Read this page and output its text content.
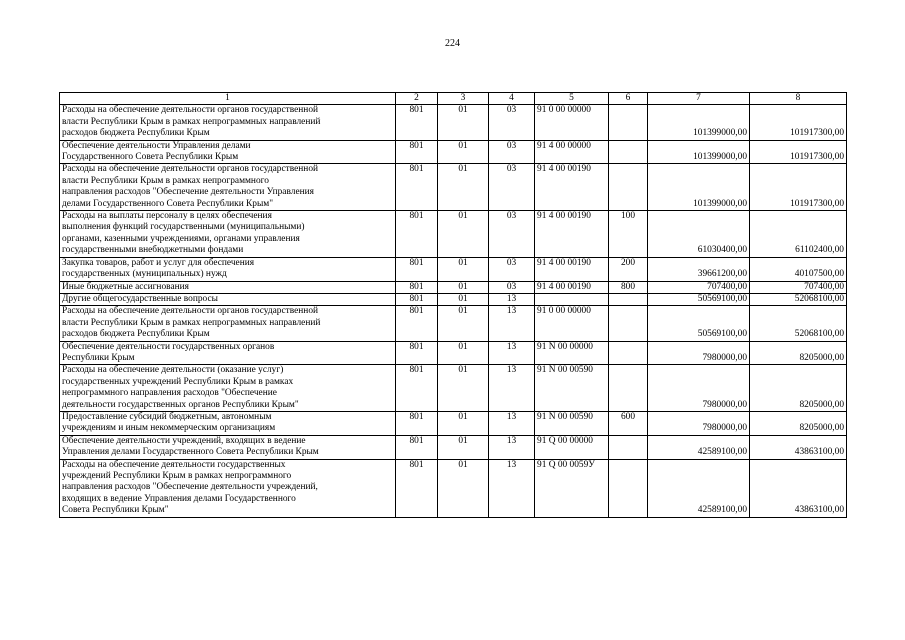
224
1	2	3	4	5	6	7	8

Расходы на обеспечение деятельности органов государственной
власти Республики Крым в рамках непрограммных направлений
расходов бюджета Республики Крым	801	01	03	91 0 00 00000		101399000,00	101917300,00

Обеспечение деятельности Управления делами
Государственного Совета Республики Крым	801	01	03	91 4 00 00000		101399000,00	101917300,00

Расходы на обеспечение деятельности органов государственной
власти Республики Крым в рамках непрограммного
направления расходов "Обеспечение деятельности Управления
делами Государственного Совета Республики Крым"	801	01	03	91 4 00 00190		101399000,00	101917300,00

Расходы на выплаты персоналу в целях обеспечения
выполнения функций государственными (муниципальными)
органами, казенными учреждениями, органами управления
государственными внебюджетными фондами	801	01	03	91 4 00 00190	100	61030400,00	61102400,00

Закупка товаров, работ и услуг для обеспечения
государственных (муниципальных) нужд	801	01	03	91 4 00 00190	200	39661200,00	40107500,00

Иные бюджетные ассигнования	801	01	03	91 4 00 00190	800	707400,00	707400,00

Другие общегосударственные вопросы	801	01	13			50569100,00	52068100,00

Расходы на обеспечение деятельности органов государственной
власти Республики Крым в рамках непрограммных направлений
расходов бюджета Республики Крым	801	01	13	91 0 00 00000		50569100,00	52068100,00

Обеспечение деятельности государственных органов
Республики Крым	801	01	13	91 N 00 00000		7980000,00	8205000,00

Расходы на обеспечение деятельности (оказание услуг)
государственных учреждений Республики Крым в рамках
непрограммного направления расходов "Обеспечение
деятельности государственных органов Республики Крым"	801	01	13	91 N 00 00590		7980000,00	8205000,00

Предоставление субсидий бюджетным, автономным
учреждениям и иным некоммерческим организациям	801	01	13	91 N 00 00590	600	7980000,00	8205000,00

Обеспечение деятельности учреждений, входящих в ведение
Управления делами Государственного Совета Республики Крым	801	01	13	91 Q 00 00000		42589100,00	43863100,00

Расходы на обеспечение деятельности государственных
учреждений Республики Крым в рамках непрограммного
направления расходов "Обеспечение деятельности учреждений,
входящих в ведение Управления делами Государственного
Совета Республики Крым"	801	01	13	91 Q 00 0059У		42589100,00	43863100,00
